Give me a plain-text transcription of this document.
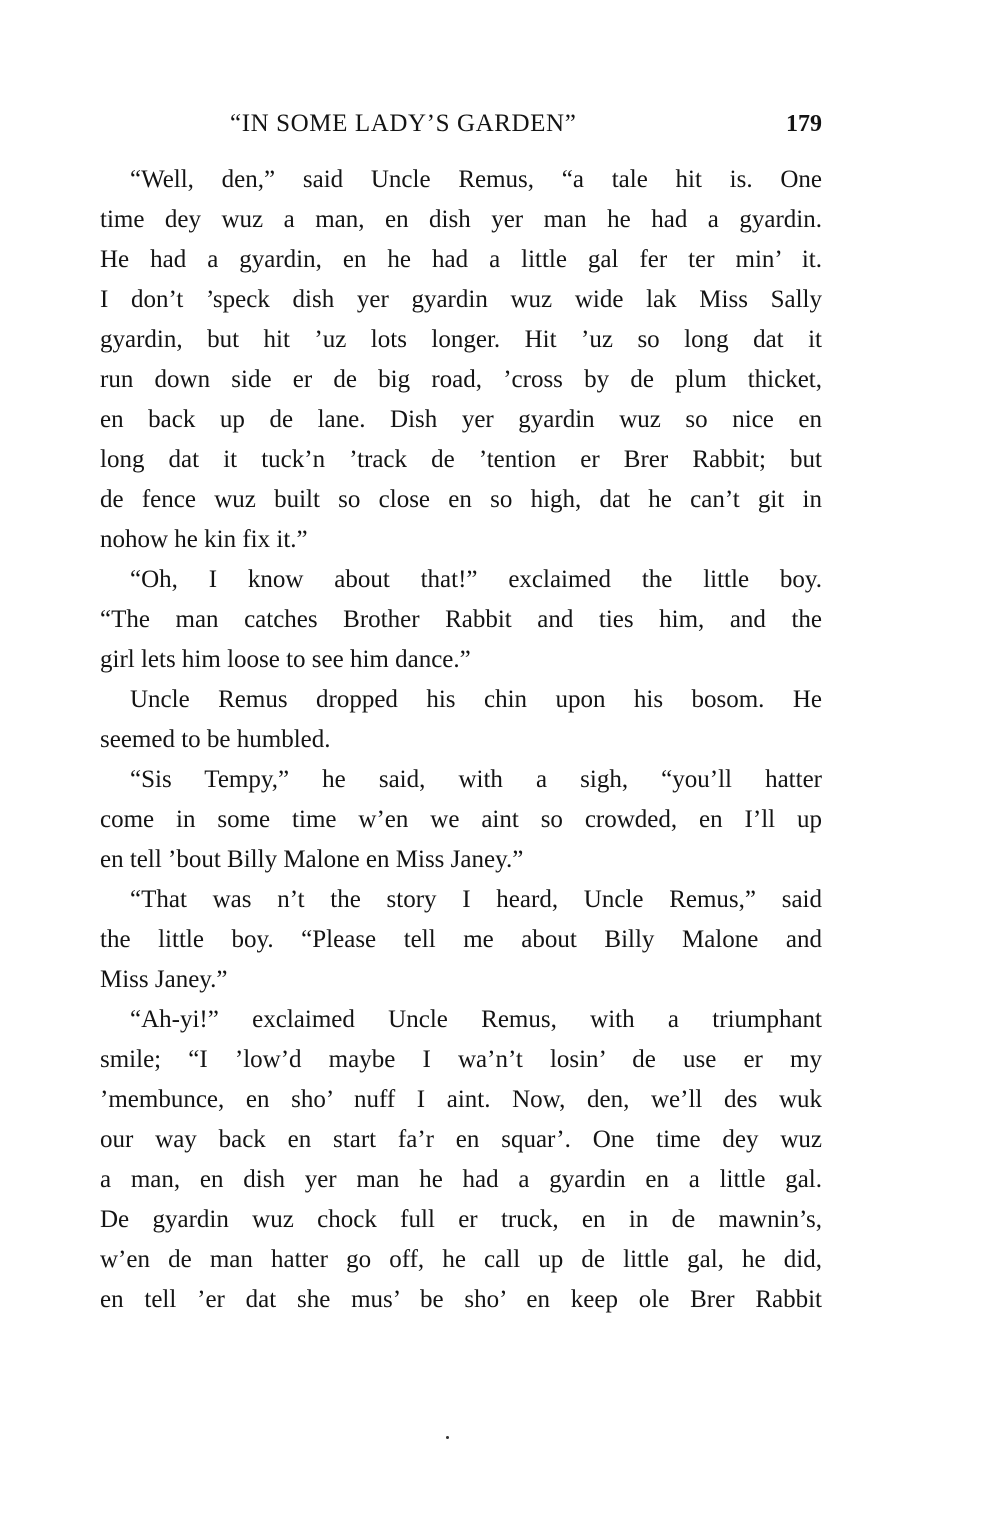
“IN SOME LADY’S GARDEN”	179

“Well, den,” said Uncle Remus, “a tale hit is. One
time dey wuz a man, en dish yer man he had a gyardin.
He had a gyardin, en he had a little gal fer ter min’ it.
I don’t ’speck dish yer gyardin wuz wide lak Miss Sally
gyardin, but hit ’uz lots longer. Hit ’uz so long dat it
run down side er de big road, ’cross by de plum thicket,
en back up de lane. Dish yer gyardin wuz so nice en
long dat it tuck’n ’track de ’tention er Brer Rabbit; but
de fence wuz built so close en so high, dat he can’t git in
nohow he kin fix it.”

“Oh, I know about that!” exclaimed the little boy.
“The man catches Brother Rabbit and ties him, and the
girl lets him loose to see him dance.”

Uncle Remus dropped his chin upon his bosom. He
seemed to be humbled.

“Sis Tempy,” he said, with a sigh, “you’ll hatter
come in some time w’en we aint so crowded, en I’ll up
en tell ’bout Billy Malone en Miss Janey.”

“That was n’t the story I heard, Uncle Remus,” said
the little boy. “Please tell me about Billy Malone and
Miss Janey.”

“Ah-yi!” exclaimed Uncle Remus, with a triumphant
smile; “I ’low’d maybe I wa’n’t losin’ de use er my
’membunce, en sho’ nuff I aint. Now, den, we’ll des wuk
our way back en start fa’r en squar’. One time dey wuz
a man, en dish yer man he had a gyardin en a little gal.
De gyardin wuz chock full er truck, en in de mawnin’s,
w’en de man hatter go off, he call up de little gal, he did,
en tell ’er dat she mus’ be sho’ en keep ole Brer Rabbit
